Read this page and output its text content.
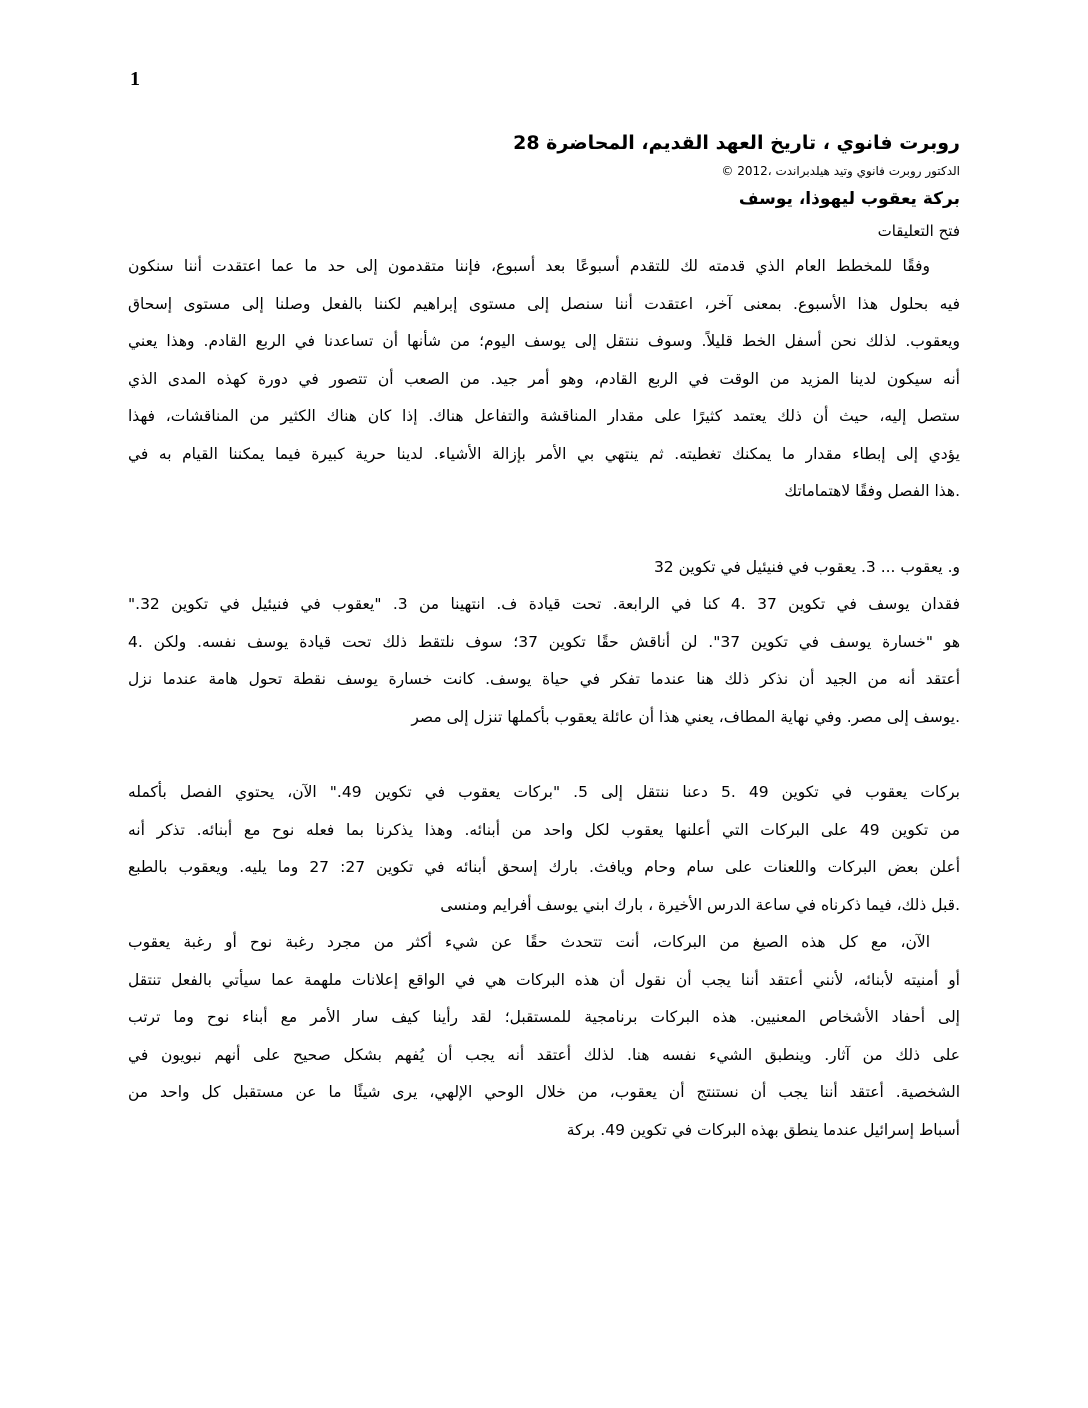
1

روبرت فانوي ، تاريخ العهد القديم، المحاضرة 28

الدكتور روبرت فانوي وتيد هيلدبراندت ،2012 ©

بركة يعقوب ليهوذا، يوسف

فتح التعليقات

وفقًا للمخطط العام الذي قدمته لك للتقدم أسبوعًا بعد أسبوع، فإننا متقدمون إلى حد ما عما اعتقدت أننا سنكون
فيه بحلول هذا الأسبوع. بمعنى آخر، اعتقدت أننا سنصل إلى مستوى إبراهيم لكننا بالفعل وصلنا إلى مستوى إسحاق
ويعقوب. لذلك نحن أسفل الخط قليلاً. وسوف ننتقل إلى يوسف اليوم؛ من شأنها أن تساعدنا في الربع القادم. وهذا يعني
أنه سيكون لدينا المزيد من الوقت في الربع القادم، وهو أمر جيد. من الصعب أن تتصور في دورة كهذه المدى الذي
ستصل إليه، حيث أن ذلك يعتمد كثيرًا على مقدار المناقشة والتفاعل هناك. إذا كان هناك الكثير من المناقشات، فهذا
يؤدي إلى إبطاء مقدار ما يمكنك تغطيته. ثم ينتهي بي الأمر بإزالة الأشياء. لدينا حرية كبيرة فيما يمكننا القيام به في
.هذا الفصل وفقًا لاهتماماتك
و. يعقوب ... 3. يعقوب في فنيئيل في تكوين 32
فقدان يوسف في تكوين 37 .4 كنا في الرابعة. تحت قيادة ف. انتهينا من 3. "يعقوب في فنيئيل في تكوين 32."
هو "خسارة يوسف في تكوين 37". لن أناقش حقًا تكوين 37؛ سوف نلتقط ذلك تحت قيادة يوسف نفسه. ولكن .4
أعتقد أنه من الجيد أن نذكر ذلك هنا عندما تفكر في حياة يوسف. كانت خسارة يوسف نقطة تحول هامة عندما نزل
.يوسف إلى مصر. وفي نهاية المطاف، يعني هذا أن عائلة يعقوب بأكملها تنزل إلى مصر
بركات يعقوب في تكوين 49 .5 دعنا ننتقل إلى 5. "بركات يعقوب في تكوين 49." الآن، يحتوي الفصل بأكمله
من تكوين 49 على البركات التي أعلنها يعقوب لكل واحد من أبنائه. وهذا يذكرنا بما فعله نوح مع أبنائه. تذكر أنه
أعلن بعض البركات واللعنات على سام وحام ويافث. بارك إسحق أبنائه في تكوين 27: 27 وما يليه. ويعقوب بالطبع
.قبل ذلك، فيما ذكرناه في ساعة الدرس الأخيرة ، بارك ابني يوسف أفرايم ومنسى
الآن، مع كل هذه الصيغ من البركات، أنت تتحدث حقًا عن شيء أكثر من مجرد رغبة نوح أو رغبة يعقوب
أو أمنيته لأبنائه، لأنني أعتقد أننا يجب أن نقول أن هذه البركات هي في الواقع إعلانات ملهمة عما سيأتي بالفعل تنتقل
إلى أحفاد الأشخاص المعنيين. هذه البركات برنامجية للمستقبل؛ لقد رأينا كيف سار الأمر مع أبناء نوح وما ترتب
على ذلك من آثار. وينطبق الشيء نفسه هنا. لذلك أعتقد أنه يجب أن يُفهم بشكل صحيح على أنهم نبويون في
الشخصية. أعتقد أننا يجب أن نستنتج أن يعقوب، من خلال الوحي الإلهي، يرى شيئًا ما عن مستقبل كل واحد من
أسباط إسرائيل عندما ينطق بهذه البركات في تكوين 49. بركة
